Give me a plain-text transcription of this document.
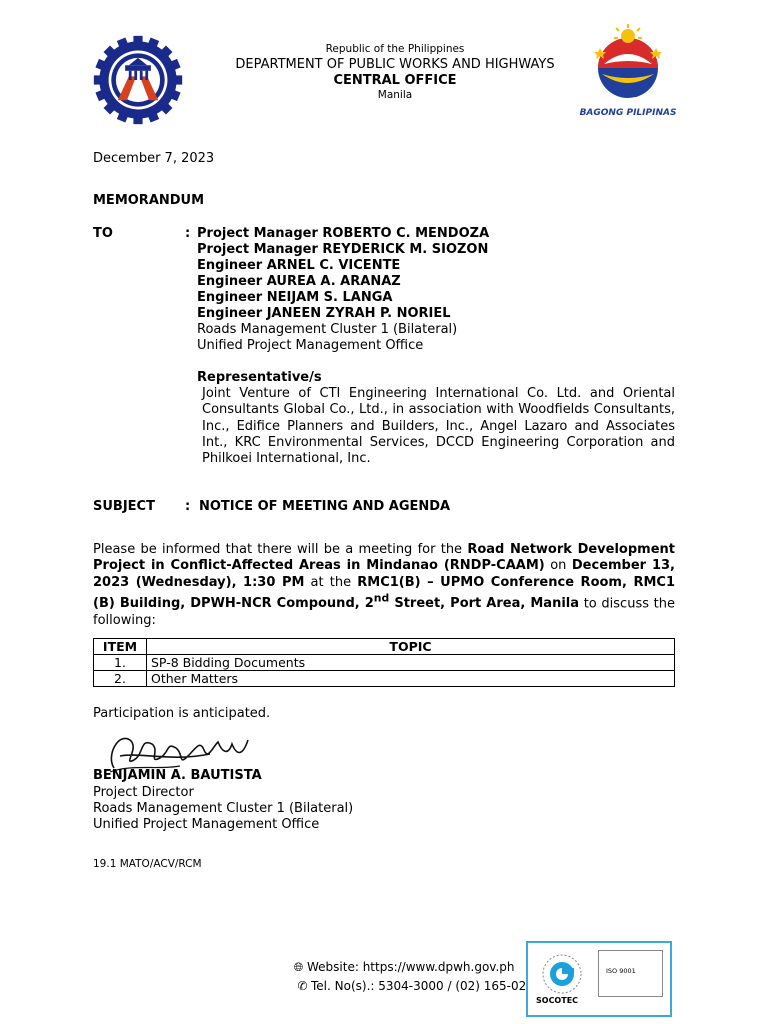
Republic of the Philippines
DEPARTMENT OF PUBLIC WORKS AND HIGHWAYS
CENTRAL OFFICE
Manila
BAGONG PILIPINAS
December 7, 2023
MEMORANDUM
TO	: Project Manager ROBERTO C. MENDOZA
Project Manager REYDERICK M. SIOZON
Engineer ARNEL C. VICENTE
Engineer AUREA A. ARANAZ
Engineer NEIJAM S. LANGA
Engineer JANEEN ZYRAH P. NORIEL
Roads Management Cluster 1 (Bilateral)
Unified Project Management Office
Representative/s
Joint Venture of CTI Engineering International Co. Ltd. and Oriental Consultants Global Co., Ltd., in association with Woodfields Consultants, Inc., Edifice Planners and Builders, Inc., Angel Lazaro and Associates Int., KRC Environmental Services, DCCD Engineering Corporation and Philkoei International, Inc.
SUBJECT : NOTICE OF MEETING AND AGENDA
Please be informed that there will be a meeting for the Road Network Development Project in Conflict-Affected Areas in Mindanao (RNDP-CAAM) on December 13, 2023 (Wednesday), 1:30 PM at the RMC1(B) – UPMO Conference Room, RMC1 (B) Building, DPWH-NCR Compound, 2nd Street, Port Area, Manila to discuss the following:
ITEM	TOPIC
1.	SP-8 Bidding Documents
2.	Other Matters
Participation is anticipated.
BENJAMIN A. BAUTISTA
Project Director
Roads Management Cluster 1 (Bilateral)
Unified Project Management Office
19.1 MATO/ACV/RCM
🌐︎ Website: https://www.dpwh.gov.ph
✆ Tel. No(s).: 5304-3000 / (02) 165-02
SOCOTEC
ISO 9001
